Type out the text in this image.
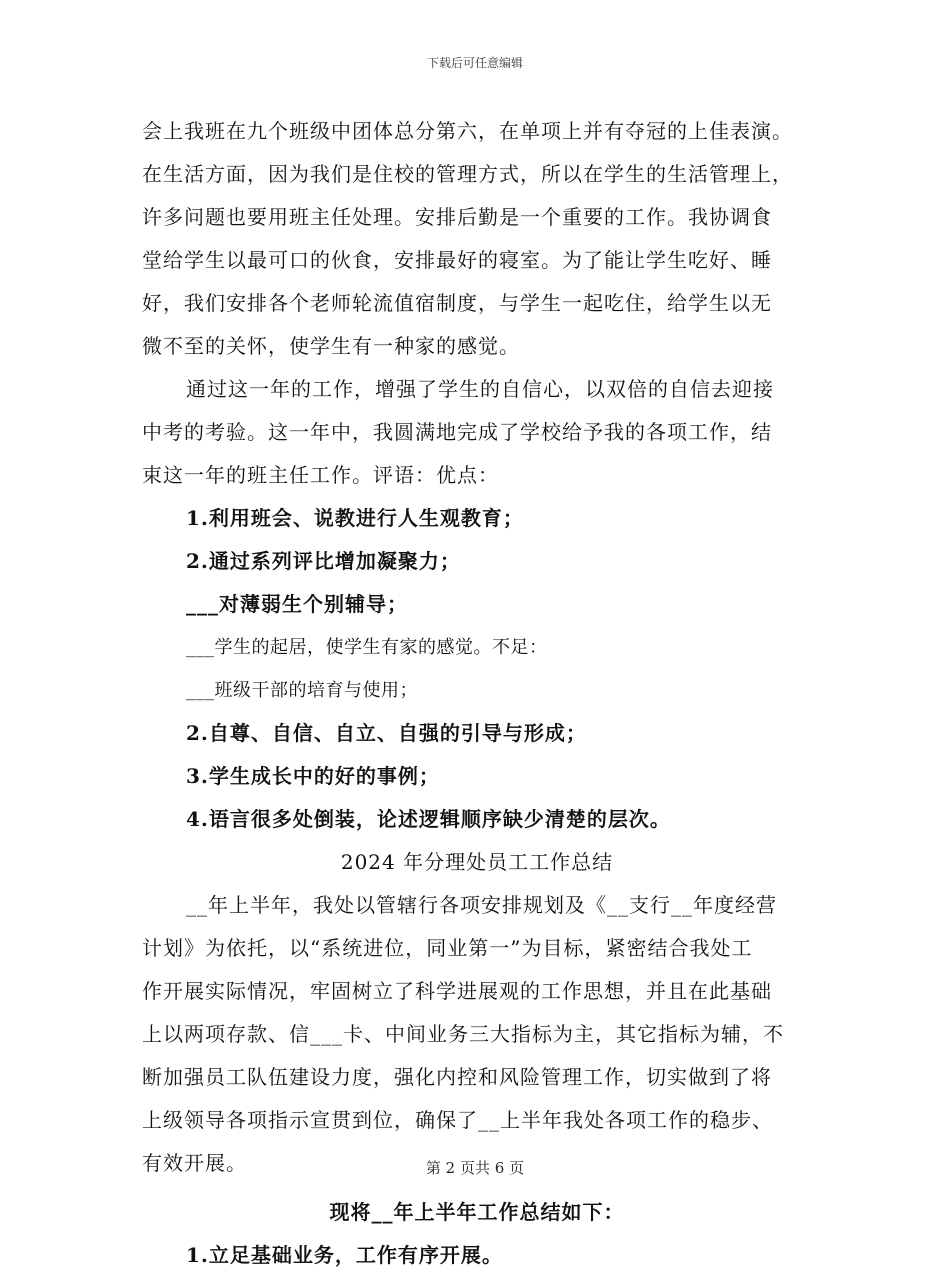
下载后可任意编辑
会上我班在九个班级中团体总分第六，在单项上并有夺冠的上佳表演。
在生活方面，因为我们是住校的管理方式，所以在学生的生活管理上，
许多问题也要用班主任处理。安排后勤是一个重要的工作。我协调食
堂给学生以最可口的伙食，安排最好的寝室。为了能让学生吃好、睡
好，我们安排各个老师轮流值宿制度，与学生一起吃住，给学生以无
微不至的关怀，使学生有一种家的感觉。
通过这一年的工作，增强了学生的自信心，以双倍的自信去迎接
中考的考验。这一年中，我圆满地完成了学校给予我的各项工作，结
束这一年的班主任工作。评语：优点：
1.利用班会、说教进行人生观教育；
2.通过系列评比增加凝聚力；
___对薄弱生个别辅导；
___学生的起居，使学生有家的感觉。不足：
___班级干部的培育与使用；
2.自尊、自信、自立、自强的引导与形成；
3.学生成长中的好的事例；
4.语言很多处倒装，论述逻辑顺序缺少清楚的层次。
2024 年分理处员工工作总结
__年上半年，我处以管辖行各项安排规划及《__支行__年度经营
计划》为依托，以“系统进位，同业第一”为目标，紧密结合我处工
作开展实际情况，牢固树立了科学进展观的工作思想，并且在此基础
上以两项存款、信___卡、中间业务三大指标为主，其它指标为辅，不
断加强员工队伍建设力度，强化内控和风险管理工作，切实做到了将
上级领导各项指示宣贯到位，确保了__上半年我处各项工作的稳步、
有效开展。
现将__年上半年工作总结如下：
1.立足基础业务，工作有序开展。
第 2 页共 6 页
